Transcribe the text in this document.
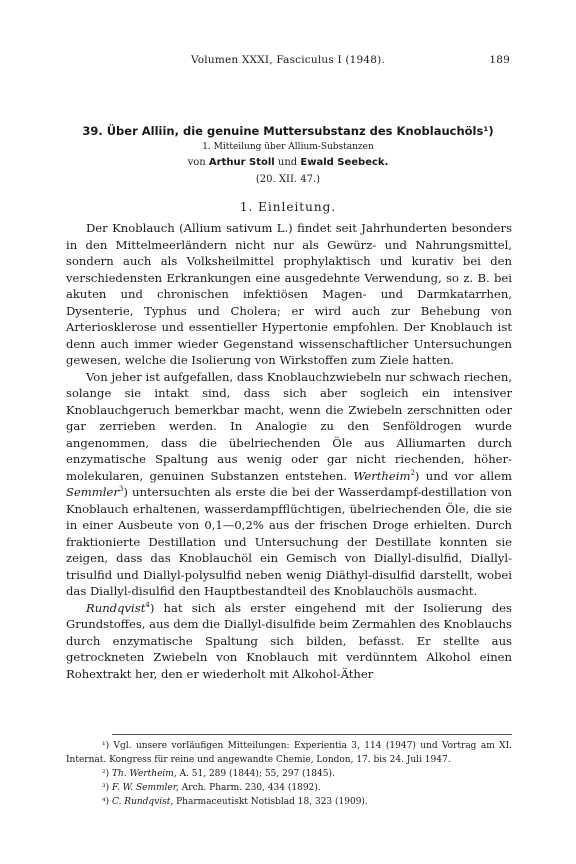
Volumen XXXI, Fasciculus I (1948).	189
39. Über Alliin, die genuine Muttersubstanz des Knoblauchöls¹)
1. Mitteilung über Allium-Substanzen
von Arthur Stoll und Ewald Seebeck.
(20. XII. 47.)
1. Einleitung.

Der Knoblauch (Allium sativum L.) findet seit Jahrhunderten besonders in den Mittelmeerländern nicht nur als Gewürz- und Nahrungsmittel, sondern auch als Volksheilmittel prophylaktisch und kurativ bei den verschiedensten Erkrankungen eine ausgedehnte Verwendung, so z. B. bei akuten und chronischen infektiösen Magen- und Darmkatarrhen, Dysenterie, Typhus und Cholera; er wird auch zur Behebung von Arteriosklerose und essentieller Hypertonie empfohlen. Der Knoblauch ist denn auch immer wieder Gegenstand wissenschaftlicher Untersuchungen gewesen, welche die Isolierung von Wirkstoffen zum Ziele hatten.

Von jeher ist aufgefallen, dass Knoblauchzwiebeln nur schwach riechen, solange sie intakt sind, dass sich aber sogleich ein intensiver Knoblauchgeruch bemerkbar macht, wenn die Zwiebeln zerschnitten oder gar zerrieben werden. In Analogie zu den Senföldrogen wurde angenommen, dass die übelriechenden Öle aus Alliumarten durch enzymatische Spaltung aus wenig oder gar nicht riechenden, höher-molekularen, genuinen Substanzen entstehen. Wertheim$^2$) und vor allem Semmler$^3$) untersuchten als erste die bei der Wasserdampf-destillation von Knoblauch erhaltenen, wasserdampfflüchtigen, übelriechenden Öle, die sie in einer Ausbeute von 0,1—0,2% aus der frischen Droge erhielten. Durch fraktionierte Destillation und Untersuchung der Destillate konnten sie zeigen, dass das Knoblauchöl ein Gemisch von Diallyl-disulfid, Diallyl-trisulfid und Diallyl-polysulfid neben wenig Diäthyl-disulfid darstellt, wobei das Diallyl-disulfid den Hauptbestandteil des Knoblauchöls ausmacht.

Rundqvist$^4$) hat sich als erster eingehend mit der Isolierung des Grundstoffes, aus dem die Diallyl-disulfide beim Zermahlen des Knoblauchs durch enzymatische Spaltung sich bilden, befasst. Er stellte aus getrockneten Zwiebeln von Knoblauch mit verdünntem Alkohol einen Rohextrakt her, den er wiederholt mit Alkohol-Äther

¹) Vgl. unsere vorläufigen Mitteilungen: Experientia 3, 114 (1947) und Vortrag am XI. Internat. Kongress für reine und angewandte Chemie, London, 17. bis 24. Juli 1947.

²) Th. Wertheim, A. 51, 289 (1844); 55, 297 (1845).

³) F. W. Semmler, Arch. Pharm. 230, 434 (1892).

⁴) C. Rundqvist, Pharmaceutiskt Notisblad 18, 323 (1909).
